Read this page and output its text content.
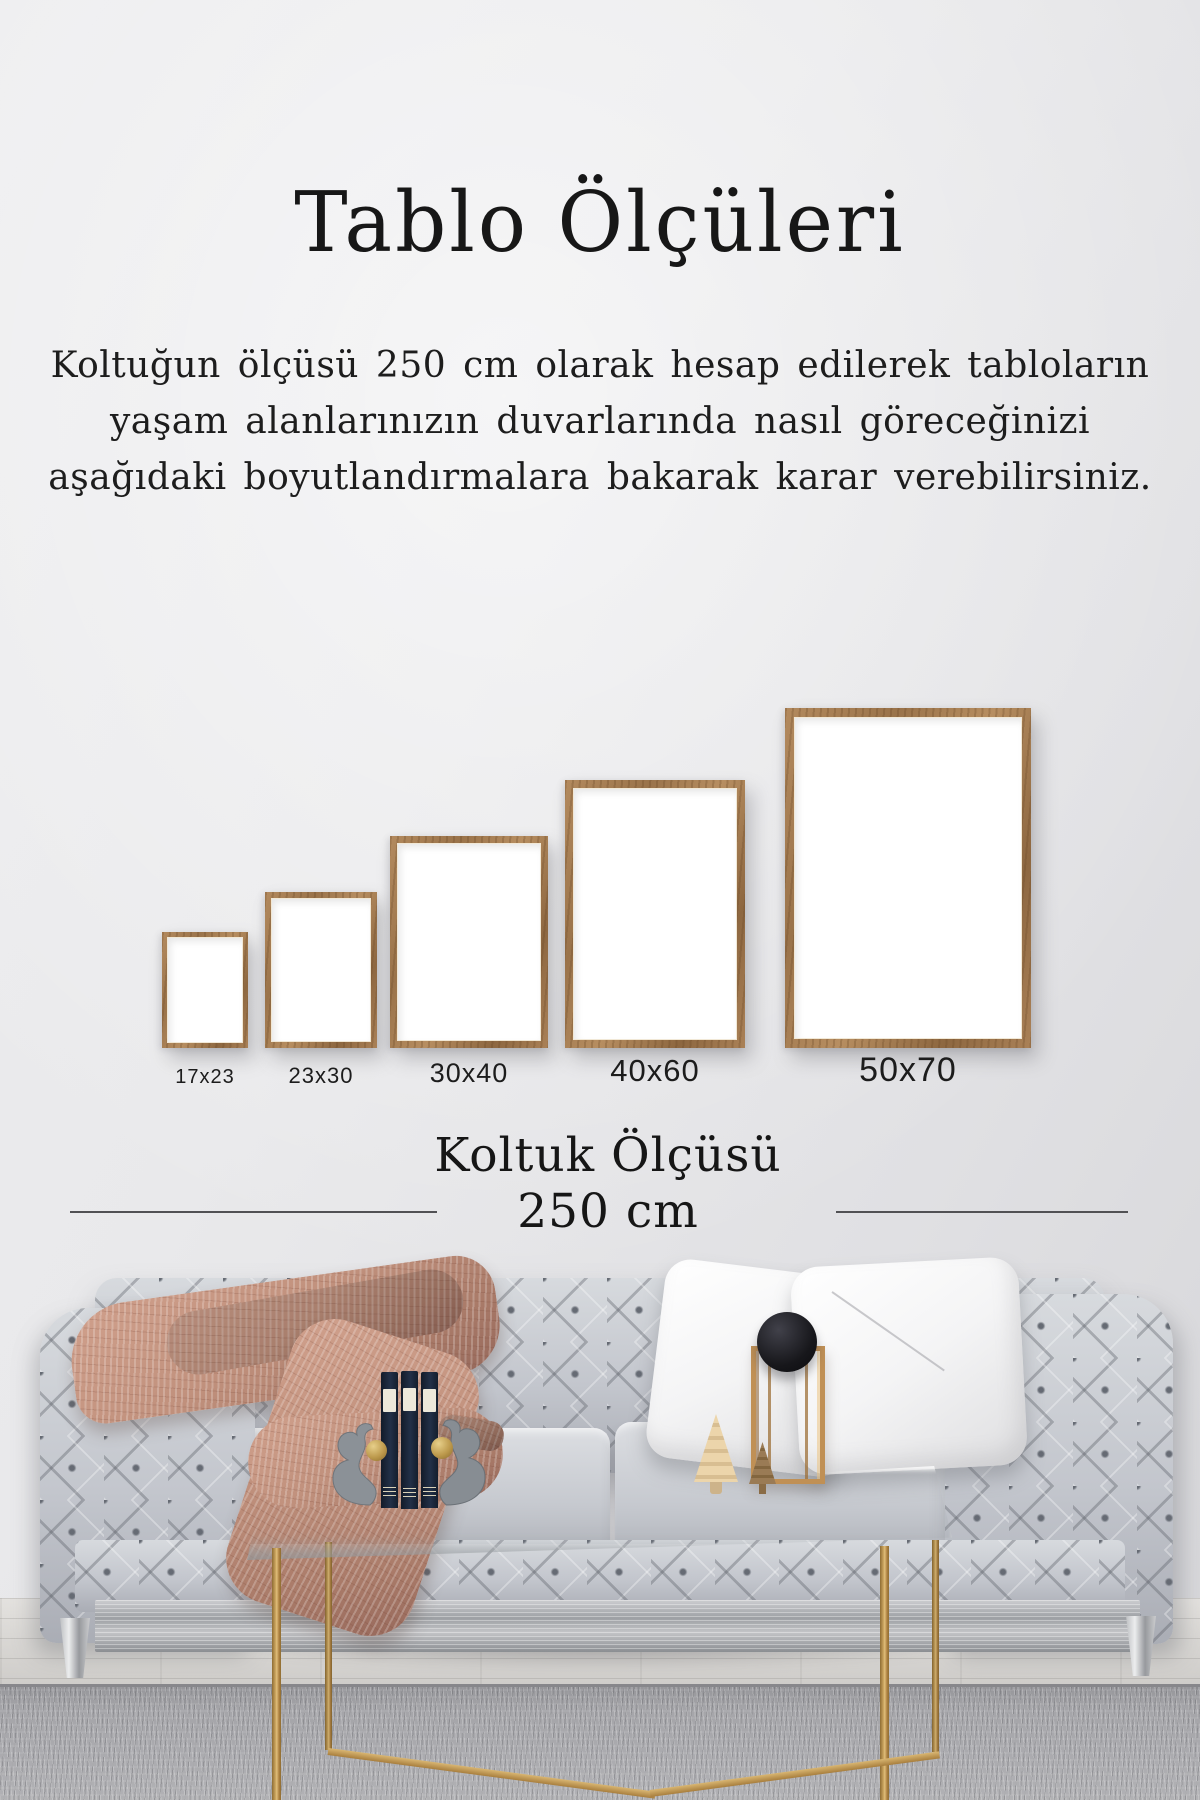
Tablo Ölçüleri
Koltuğun ölçüsü 250 cm olarak hesap edilerek tabloların
yaşam alanlarınızın duvarlarında nasıl göreceğinizi
aşağıdaki boyutlandırmalara bakarak karar verebilirsiniz.
17x23 23x30	30x40	40x60	50x70
Koltuk Ölçüsü
250 cm
